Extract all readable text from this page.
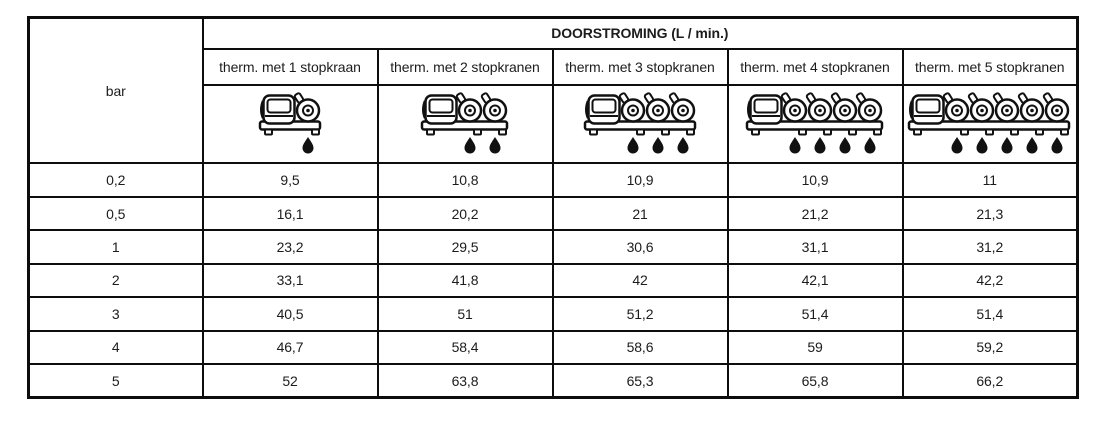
bar	DOORSTROMING (L / min.)				
	therm. met 1 stopkraan	therm. met 2 stopkranen	therm. met 3 stopkranen	therm. met 4 stopkranen	therm. met 5 stopkranen

0,2	9,5	10,8	10,9	10,9	11
0,5	16,1	20,2	21	21,2	21,3
1	23,2	29,5	30,6	31,1	31,2
2	33,1	41,8	42	42,1	42,2
3	40,5	51	51,2	51,4	51,4
4	46,7	58,4	58,6	59	59,2
5	52	63,8	65,3	65,8	66,2
